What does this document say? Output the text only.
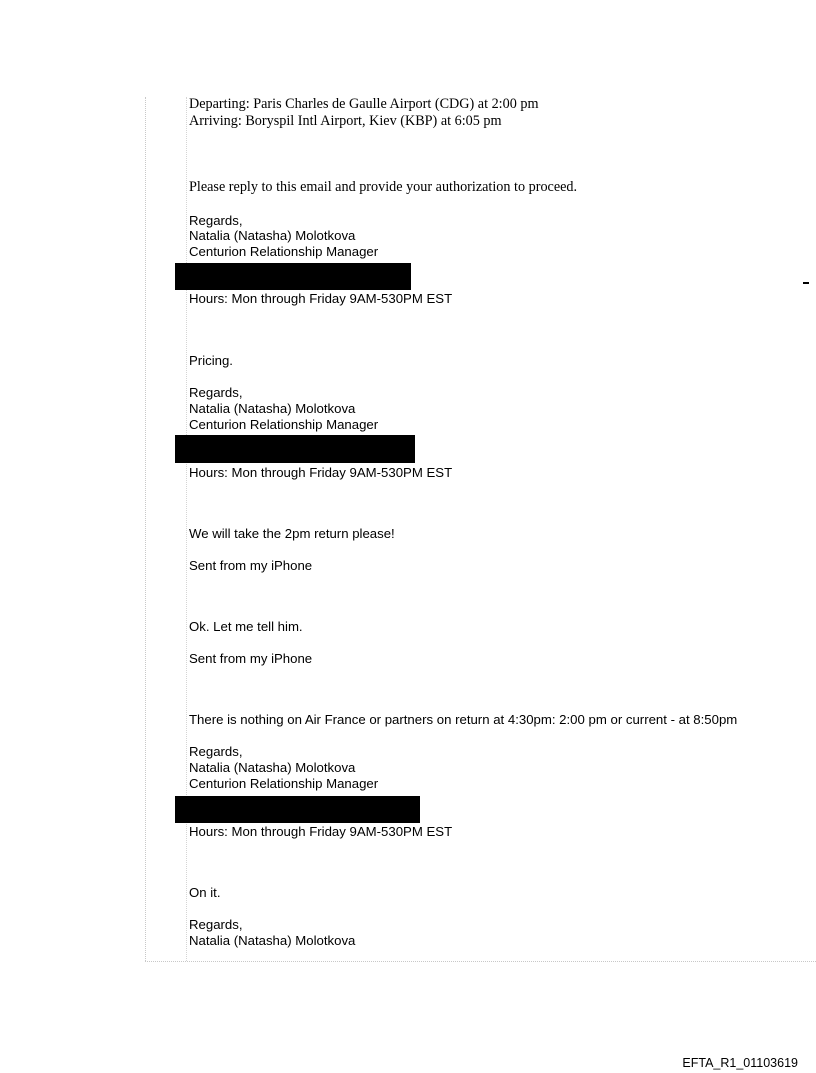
Departing: Paris Charles de Gaulle Airport (CDG) at 2:00 pm
Arriving: Boryspil Intl Airport, Kiev (KBP) at 6:05 pm
Please reply to this email and provide your authorization to proceed.
Regards,
Natalia (Natasha) Molotkova
Centurion Relationship Manager
Hours: Mon through Friday 9AM-530PM EST
Pricing.
Regards,
Natalia (Natasha) Molotkova
Centurion Relationship Manager
Hours: Mon through Friday 9AM-530PM EST
We will take the 2pm return please!
Sent from my iPhone
Ok. Let me tell him.
Sent from my iPhone
There is nothing on Air France or partners on return at 4:30pm: 2:00 pm or current - at 8:50pm
Regards,
Natalia (Natasha) Molotkova
Centurion Relationship Manager
Hours: Mon through Friday 9AM-530PM EST
On it.
Regards,
Natalia (Natasha) Molotkova
EFTA_R1_01103619
